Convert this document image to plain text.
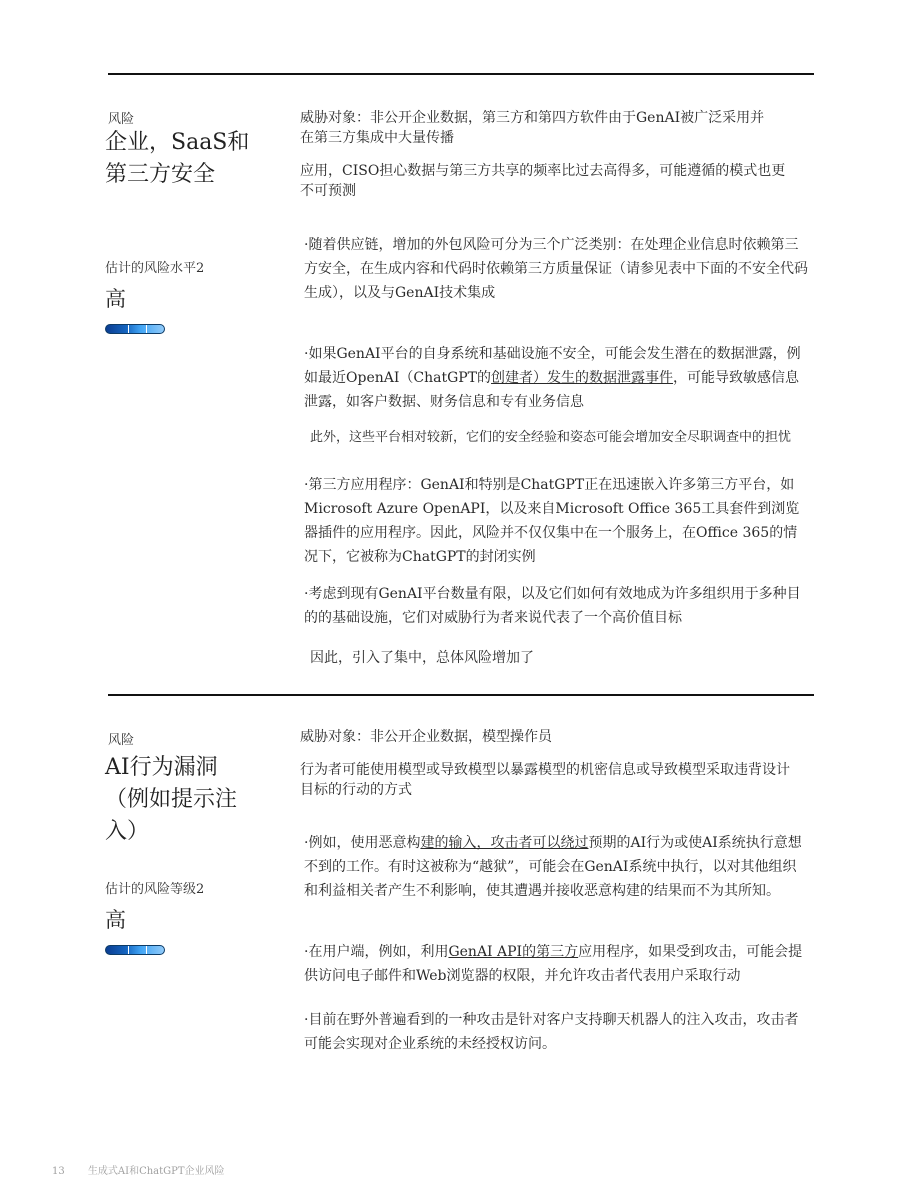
风险

企业，SaaS和第三方安全

估计的风险水平2

高

威胁对象：非公开企业数据，第三方和第四方软件由于GenAI被广泛采用并在第三方集成中大量传播

应用，CISO担心数据与第三方共享的频率比过去高得多，可能遵循的模式也更不可预测

·随着供应链，增加的外包风险可分为三个广泛类别：在处理企业信息时依赖第三方安全，在生成内容和代码时依赖第三方质量保证（请参见表中下面的不安全代码生成），以及与GenAI技术集成
·如果GenAI平台的自身系统和基础设施不安全，可能会发生潜在的数据泄露，例如最近OpenAI（ChatGPT的创建者）发生的数据泄露事件，可能导致敏感信息泄露，如客户数据、财务信息和专有业务信息

此外，这些平台相对较新，它们的安全经验和姿态可能会增加安全尽职调查中的担忧

·第三方应用程序：GenAI和特别是ChatGPT正在迅速嵌入许多第三方平台，如Microsoft Azure OpenAPI，以及来自Microsoft Office 365工具套件到浏览器插件的应用程序。因此，风险并不仅仅集中在一个服务上，在Office 365的情况下，它被称为ChatGPT的封闭实例
·考虑到现有GenAI平台数量有限，以及它们如何有效地成为许多组织用于多种目的的基础设施，它们对威胁行为者来说代表了一个高价值目标

因此，引入了集中，总体风险增加了

风险

AI行为漏洞（例如提示注入）

估计的风险等级2

高

威胁对象：非公开企业数据，模型操作员

行为者可能使用模型或导致模型以暴露模型的机密信息或导致模型采取违背设计目标的行动的方式

·例如，使用恶意构建的输入，攻击者可以绕过预期的AI行为或使AI系统执行意想不到的工作。有时这被称为“越狱”，可能会在GenAI系统中执行，以对其他组织和利益相关者产生不利影响，使其遭遇并接收恶意构建的结果而不为其所知。
·在用户端，例如，利用GenAI API的第三方应用程序，如果受到攻击，可能会提供访问电子邮件和Web浏览器的权限，并允许攻击者代表用户采取行动
·目前在野外普遍看到的一种攻击是针对客户支持聊天机器人的注入攻击，攻击者可能会实现对企业系统的未经授权访问。
13 生成式AI和ChatGPT企业风险
